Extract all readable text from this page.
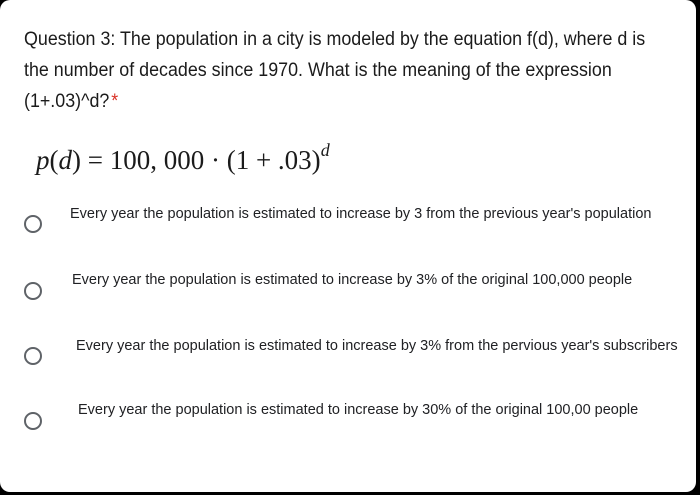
Question 3: The population in a city is modeled by the equation f(d), where d is the number of decades since 1970. What is the meaning of the expression (1+.03)^d?*
p(d) = 100, $000 \cdot (1 + .03)^d$
Every year the population is estimated to increase by 3 from the previous year's population
Every year the population is estimated to increase by 3% of the original 100,000 people
Every year the population is estimated to increase by 3% from the pervious year's subscribers
Every year the population is estimated to increase by 30% of the original 100,00 people
